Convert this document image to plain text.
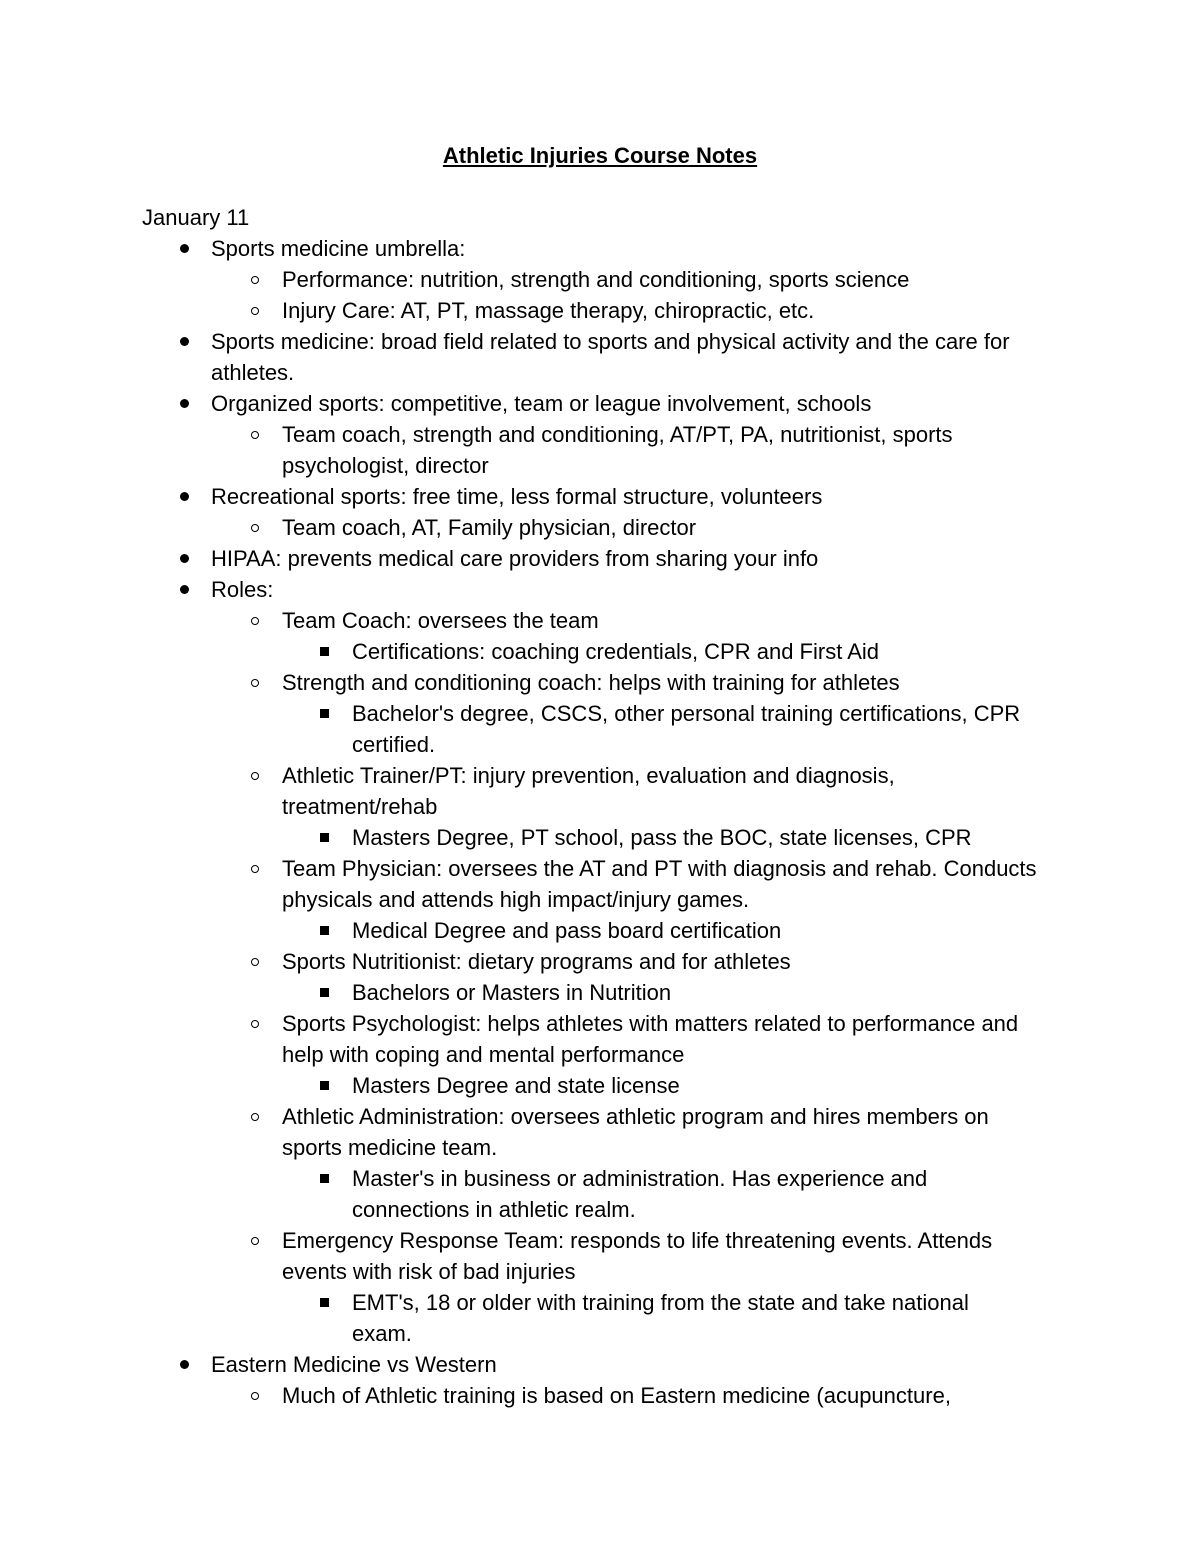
Athletic Injuries Course Notes
January 11
Sports medicine umbrella:
Performance: nutrition, strength and conditioning, sports science
Injury Care: AT, PT, massage therapy, chiropractic, etc.
Sports medicine: broad field related to sports and physical activity and the care for athletes.
Organized sports: competitive, team or league involvement, schools
Team coach, strength and conditioning, AT/PT, PA, nutritionist, sports psychologist, director
Recreational sports: free time, less formal structure, volunteers
Team coach, AT, Family physician, director
HIPAA: prevents medical care providers from sharing your info
Roles:
Team Coach: oversees the team
Certifications: coaching credentials, CPR and First Aid
Strength and conditioning coach: helps with training for athletes
Bachelor's degree, CSCS, other personal training certifications, CPR certified.
Athletic Trainer/PT: injury prevention, evaluation and diagnosis, treatment/rehab
Masters Degree, PT school, pass the BOC, state licenses, CPR
Team Physician: oversees the AT and PT with diagnosis and rehab. Conducts physicals and attends high impact/injury games.
Medical Degree and pass board certification
Sports Nutritionist: dietary programs and for athletes
Bachelors or Masters in Nutrition
Sports Psychologist: helps athletes with matters related to performance and help with coping and mental performance
Masters Degree and state license
Athletic Administration: oversees athletic program and hires members on sports medicine team.
Master's in business or administration. Has experience and connections in athletic realm.
Emergency Response Team: responds to life threatening events. Attends events with risk of bad injuries
EMT's, 18 or older with training from the state and take national exam.
Eastern Medicine vs Western
Much of Athletic training is based on Eastern medicine (acupuncture,
